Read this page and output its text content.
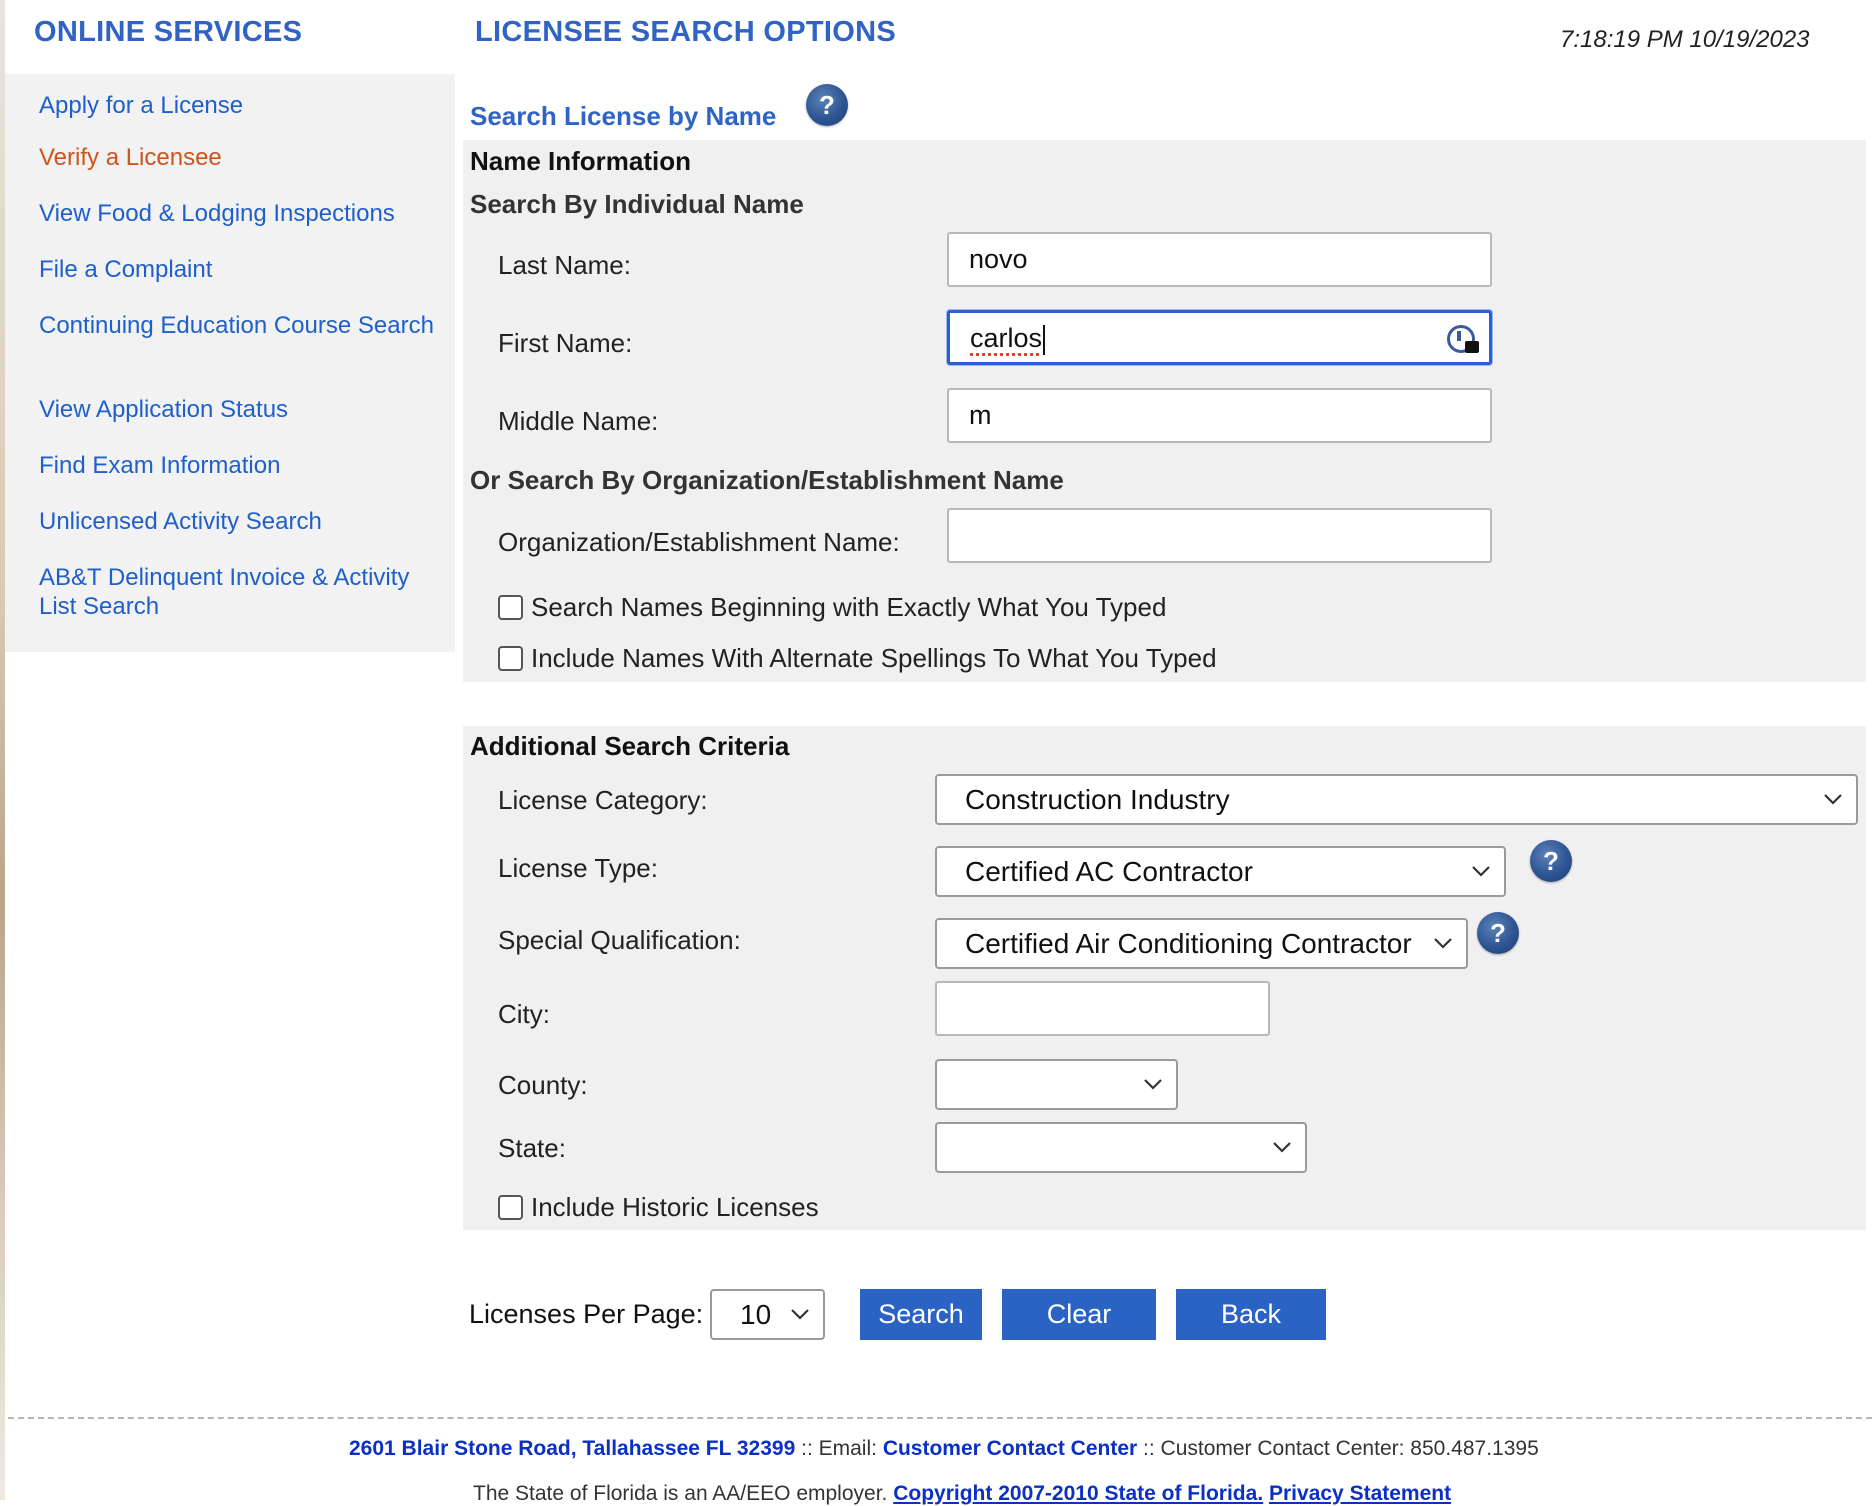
ONLINE SERVICES
Apply for a License
Verify a Licensee
View Food & Lodging Inspections
File a Complaint
Continuing Education Course Search
View Application Status
Find Exam Information
Unlicensed Activity Search
AB&T Delinquent Invoice & Activity List Search
LICENSEE SEARCH OPTIONS	7:18:19 PM 10/19/2023
Search License by Name	?
Name Information
Search By Individual Name
Last Name:	novo
First Name:	carlos
Middle Name:	m
Or Search By Organization/Establishment Name
Organization/Establishment Name:
Search Names Beginning with Exactly What You Typed
Include Names With Alternate Spellings To What You Typed
Additional Search Criteria
License Category:	Construction Industry
License Type:	Certified AC Contractor	?
Special Qualification:	Certified Air Conditioning Contractor	?
City:
County:
State:
Include Historic Licenses
Licenses Per Page:	10	Search	Clear	Back
2601 Blair Stone Road, Tallahassee FL 32399 :: Email: Customer Contact Center :: Customer Contact Center: 850.487.1395
The State of Florida is an AA/EEO employer. Copyright 2007-2010 State of Florida. Privacy Statement
